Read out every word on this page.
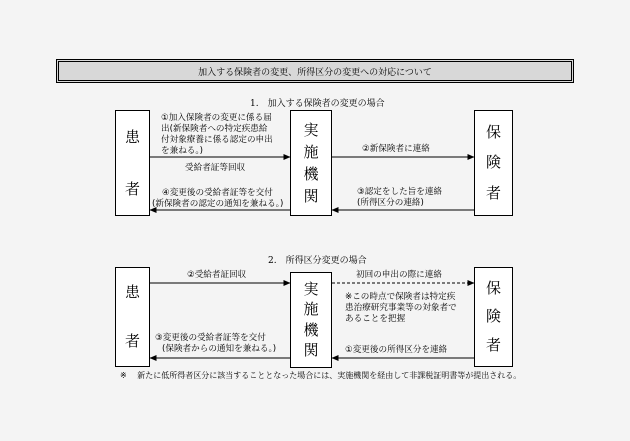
加入する保険者の変更、所得区分の変更への対応について
1.　加入する保険者の変更の場合
患
者
実
施
機
関
保
険
者
①加入保険者の変更に係る届
出(新保険者への特定疾患給
付対象療養に係る認定の申出
を兼ねる。)
受給者証等回収
④変更後の受給者証等を交付
(新保険者の認定の通知を兼ねる。)
②新保険者に連絡
③認定をした旨を連絡
(所得区分の連絡)
2.　所得区分変更の場合
患
者
実
施
機
関
保
険
者
②受給者証回収	初回の申出の際に連絡
※この時点で保険者は特定疾
患治療研究事業等の対象者で
あることを把握
③変更後の受給者証等を交付
(保険者からの通知を兼ねる。)	①変更後の所得区分を連絡
※ 新たに低所得者区分に該当することとなった場合には、実施機関を経由して非課税証明書等が提出される。
